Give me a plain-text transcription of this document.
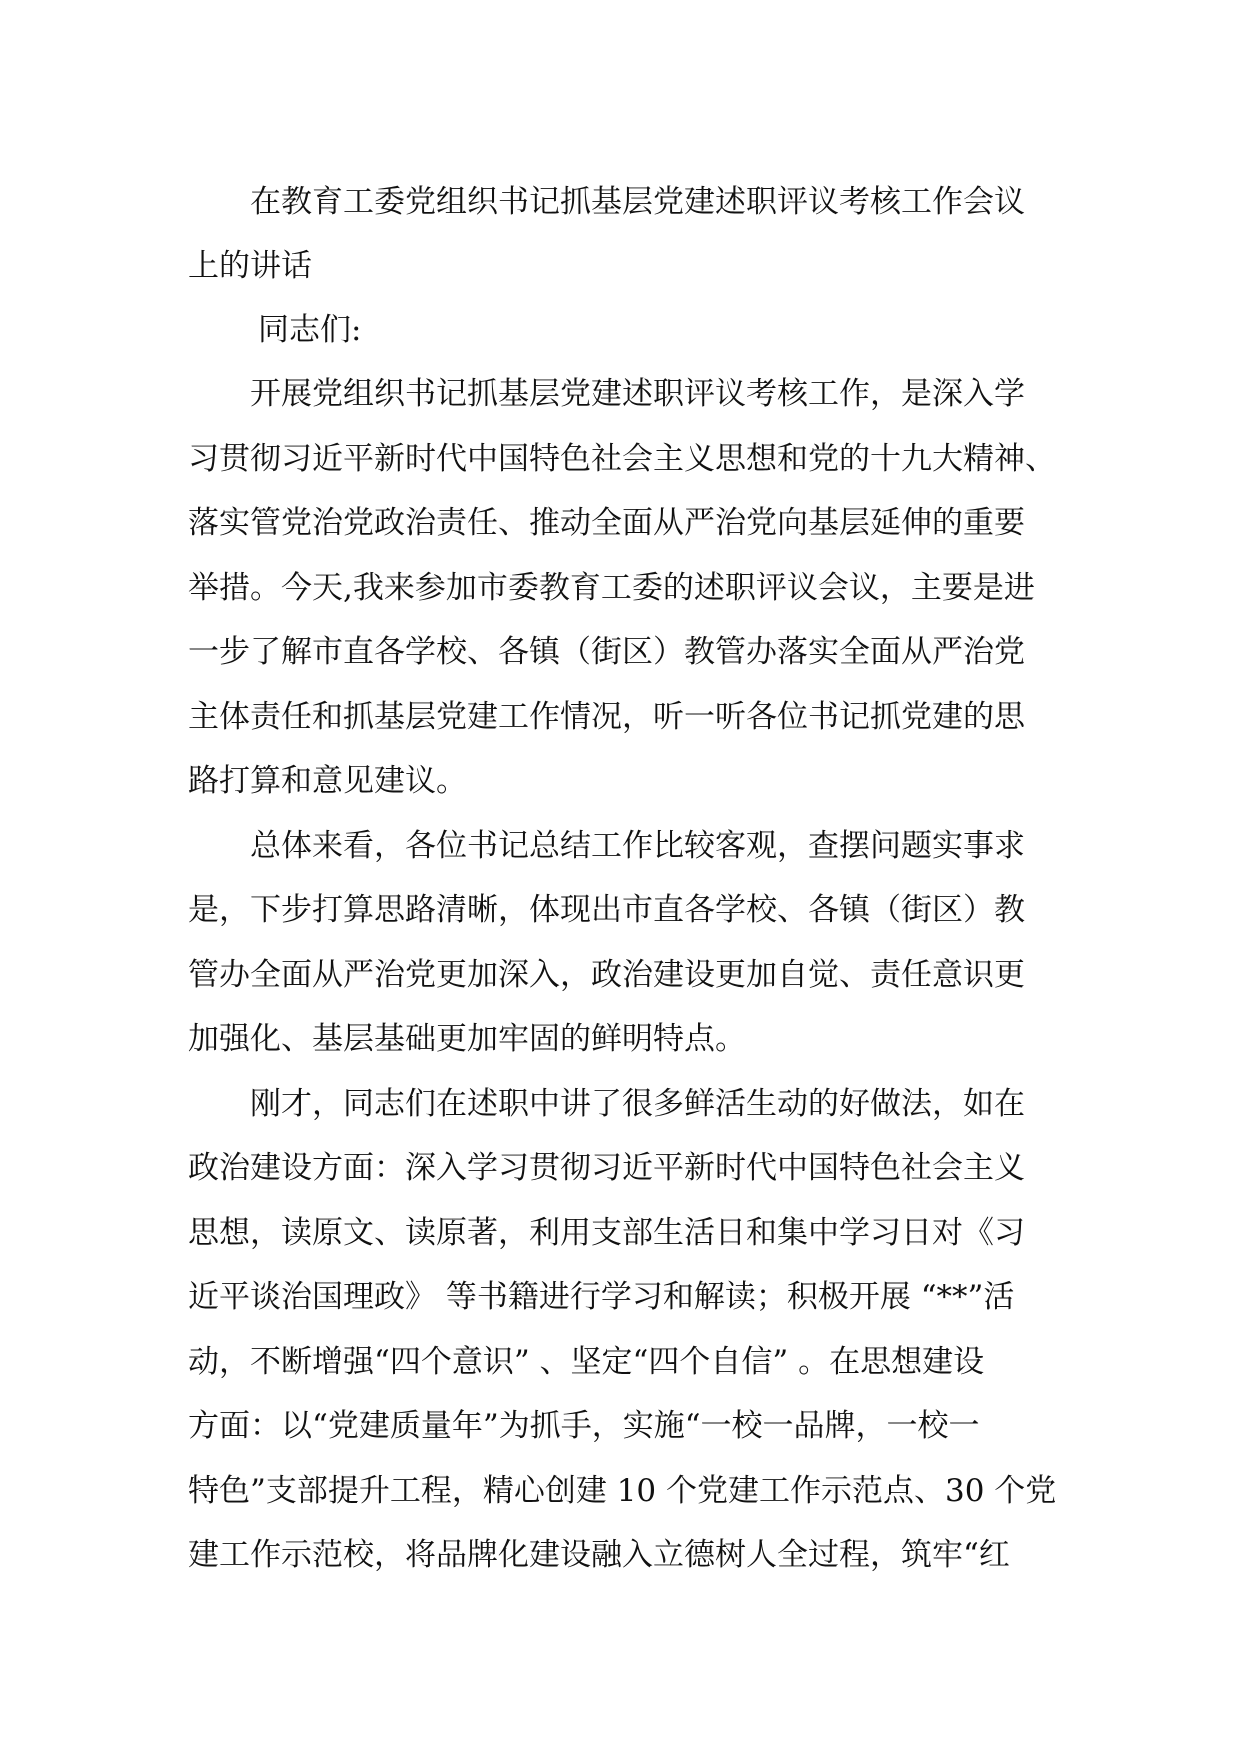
在教育工委党组织书记抓基层党建述职评议考核工作会议
上的讲话

同志们:

开展党组织书记抓基层党建述职评议考核工作，是深入学
习贯彻习近平新时代中国特色社会主义思想和党的十九大精神、
落实管党治党政治责任、推动全面从严治党向基层延伸的重要
举措。今天,我来参加市委教育工委的述职评议会议，主要是进
一步了解市直各学校、各镇（街区）教管办落实全面从严治党
主体责任和抓基层党建工作情况，听一听各位书记抓党建的思
路打算和意见建议。
总体来看，各位书记总结工作比较客观，查摆问题实事求
是，下步打算思路清晰，体现出市直各学校、各镇（街区）教
管办全面从严治党更加深入，政治建设更加自觉、责任意识更
加强化、基层基础更加牢固的鲜明特点。
刚才，同志们在述职中讲了很多鲜活生动的好做法，如在
政治建设方面：深入学习贯彻习近平新时代中国特色社会主义
思想，读原文、读原著，利用支部生活日和集中学习日对《习
近平谈治国理政》 等书籍进行学习和解读；积极开展 “**”活
动，不断增强“四个意识” 、坚定“四个自信” 。在思想建设
方面：以“党建质量年”为抓手，实施“一校一品牌，一校一
特色”支部提升工程，精心创建 10 个党建工作示范点、30 个党
建工作示范校，将品牌化建设融入立德树人全过程，筑牢“红
